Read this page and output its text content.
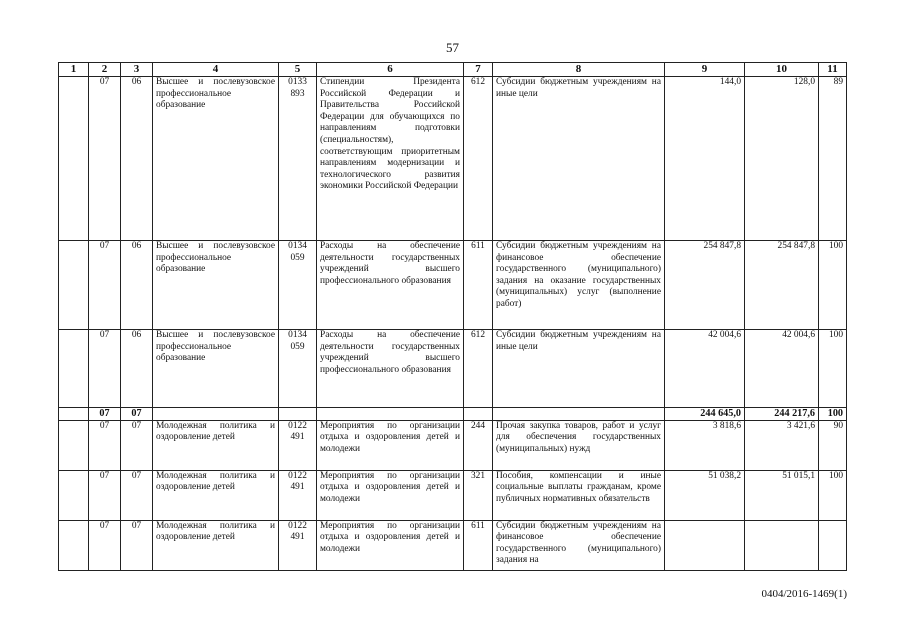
57
1	2	3	4	5	6	7	8	9	10	11
	07	06	Высшее и послевузовское профессиональное образование	0133 893	Стипендии Президента Российской Федерации и Правительства Российской Федерации для обучающихся по направлениям подготовки (специальностям), соответствующим приоритетным направлениям модернизации и технологического развития экономики Российской Федерации	612	Субсидии бюджетным учреждениям на иные цели	144,0	128,0	89
	07	06	Высшее и послевузовское профессиональное образование	0134 059	Расходы на обеспечение деятельности государственных учреждений высшего профессионального образования	611	Субсидии бюджетным учреждениям на финансовое обеспечение государственного (муниципального) задания на оказание государственных (муниципальных) услуг (выполнение работ)	254 847,8	254 847,8	100
	07	06	Высшее и послевузовское профессиональное образование	0134 059	Расходы на обеспечение деятельности государственных учреждений высшего профессионального образования	612	Субсидии бюджетным учреждениям на иные цели	42 004,6	42 004,6	100
	07	07						244 645,0	244 217,6	100
	07	07	Молодежная политика и оздоровление детей	0122 491	Мероприятия по организации отдыха и оздоровления детей и молодежи	244	Прочая закупка товаров, работ и услуг для обеспечения государственных (муниципальных) нужд	3 818,6	3 421,6	90
	07	07	Молодежная политика и оздоровление детей	0122 491	Мероприятия по организации отдыха и оздоровления детей и молодежи	321	Пособия, компенсации и иные социальные выплаты гражданам, кроме публичных нормативных обязательств	51 038,2	51 015,1	100
	07	07	Молодежная политика и оздоровление детей	0122 491	Мероприятия по организации отдыха и оздоровления детей и молодежи	611	Субсидии бюджетным учреждениям на финансовое обеспечение государственного (муниципального) задания на			
0404/2016-1469(1)
